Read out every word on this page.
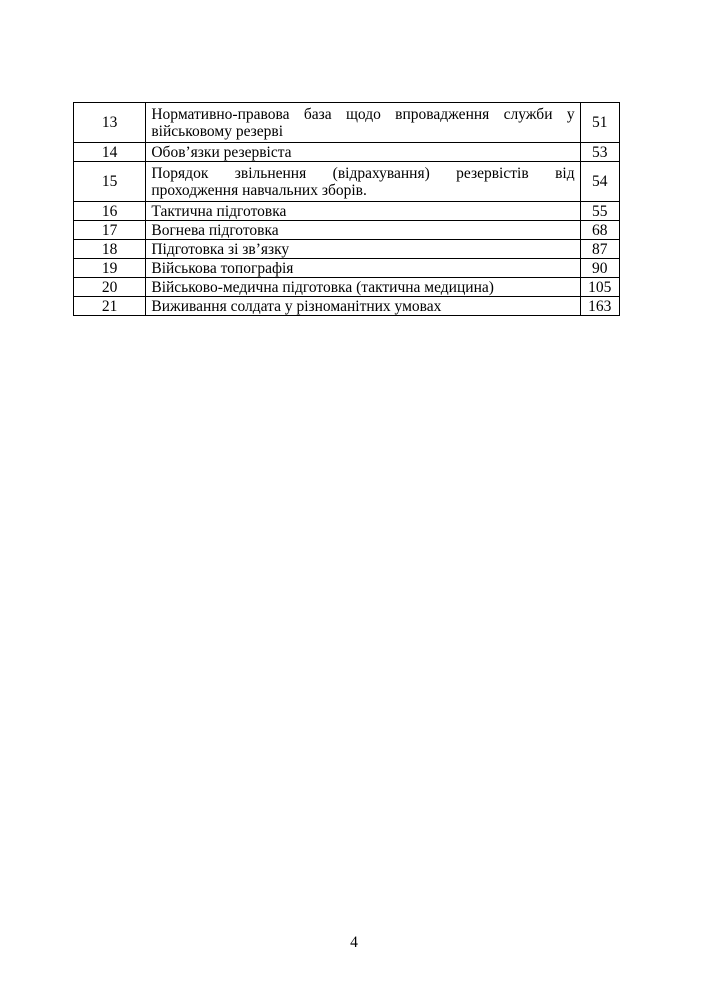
13	Нормативно-правова база щодо впровадження служби у військовому резерві	51
14	Обов’язки резервіста	53
15	Порядок звільнення (відрахування) резервістів від проходження навчальних зборів.	54
16	Тактична підготовка	55
17	Вогнева підготовка	68
18	Підготовка зі зв’язку	87
19	Військова топографія	90
20	Військово-медична підготовка (тактична медицина)	105
21	Виживання солдата у різноманітних умовах	163
4
